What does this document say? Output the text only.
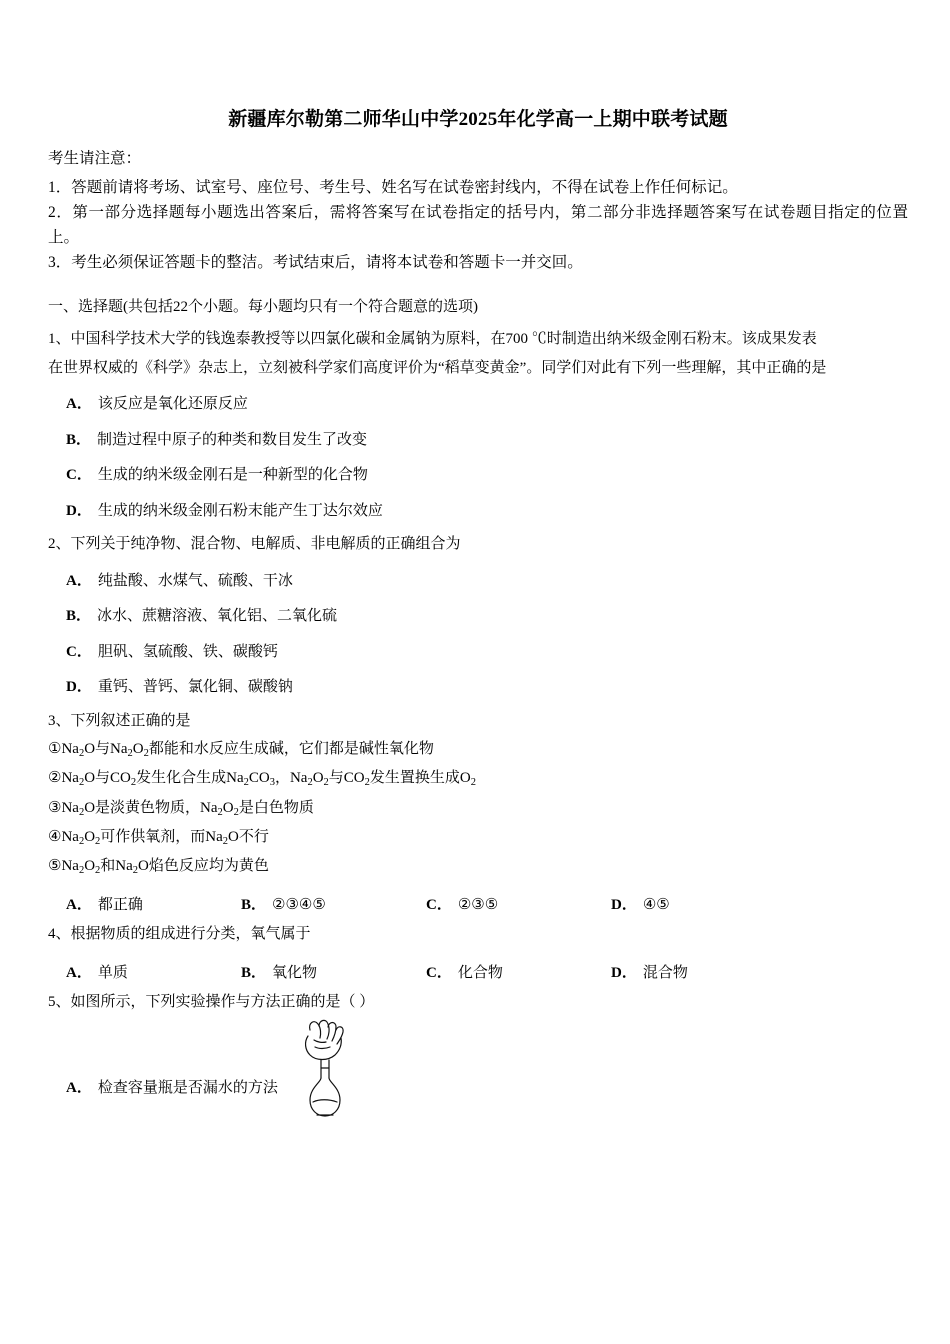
新疆库尔勒第二师华山中学2025年化学高一上期中联考试题
考生请注意：

1．答题前请将考场、试室号、座位号、考生号、姓名写在试卷密封线内，不得在试卷上作任何标记。

2．第一部分选择题每小题选出答案后，需将答案写在试卷指定的括号内，第二部分非选择题答案写在试卷题目指定的位置上。

3．考生必须保证答题卡的整洁。考试结束后，请将本试卷和答题卡一并交回。

一、选择题(共包括22个小题。每小题均只有一个符合题意的选项)

1、中国科学技术大学的钱逸泰教授等以四氯化碳和金属钠为原料，在700 ℃时制造出纳米级金刚石粉末。该成果发表

在世界权威的《科学》杂志上，立刻被科学家们高度评价为“稻草变黄金”。同学们对此有下列一些理解，其中正确的是

A． 该反应是氧化还原反应

B． 制造过程中原子的种类和数目发生了改变

C． 生成的纳米级金刚石是一种新型的化合物

D． 生成的纳米级金刚石粉末能产生丁达尔效应

2、下列关于纯净物、混合物、电解质、非电解质的正确组合为

A． 纯盐酸、水煤气、硫酸、干冰

B． 冰水、蔗糖溶液、氧化铝、二氧化硫

C． 胆矾、氢硫酸、铁、碳酸钙

D． 重钙、普钙、氯化铜、碳酸钠

3、下列叙述正确的是

$①Na_2O$与$Na_2O_2$都能和水反应生成碱，它们都是碱性氧化物

$②Na_2O$与$CO_2$发生化合生成$Na_2CO_3$，$Na_2O_2$与$CO_2$发生置换生成$O_2$

$③Na_2O$是淡黄色物质，$Na_2O_2$是白色物质

$④Na_2O_2$可作供氧剂，而$Na_2O$不行

$⑤Na_2O_2$和$Na_2O$焰色反应均为黄色

A． 都正确	B． ②③④⑤	C． ②③⑤	D． ④⑤

4、根据物质的组成进行分类，氧气属于

A． 单质	B． 氧化物	C． 化合物	D． 混合物

5、如图所示，下列实验操作与方法正确的是（ ）

A． 检查容量瓶是否漏水的方法
